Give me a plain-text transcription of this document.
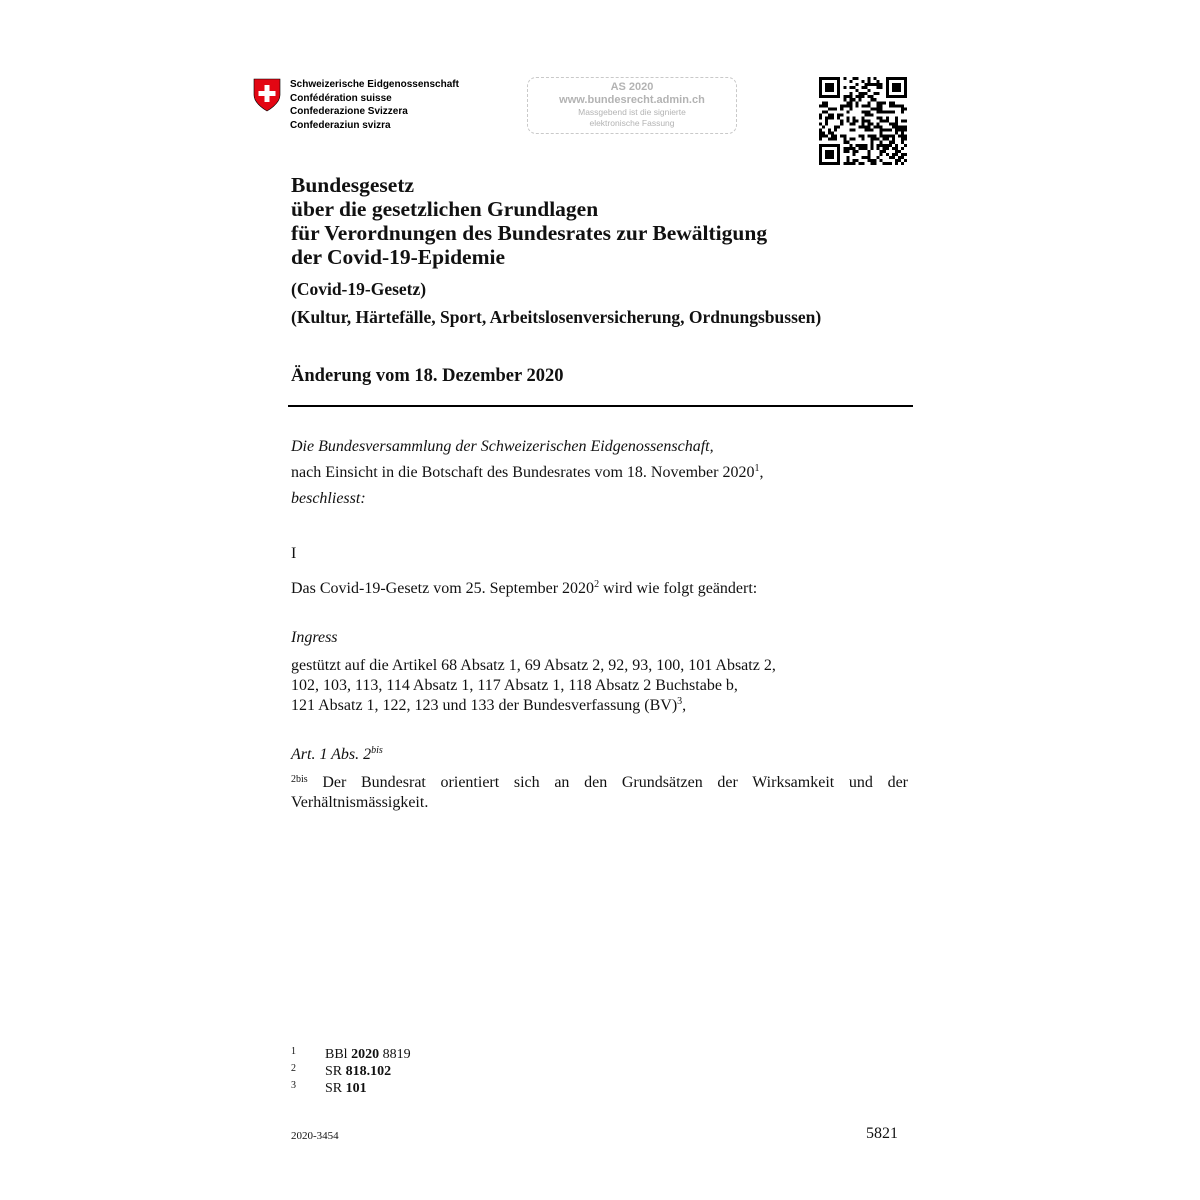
Schweizerische Eidgenossenschaft
Confédération suisse
Confederazione Svizzera
Confederaziun svizra
AS 2020
www.bundesrecht.admin.ch
Massgebend ist die signierte
elektronische Fassung
Bundesgesetz
über die gesetzlichen Grundlagen
für Verordnungen des Bundesrates zur Bewältigung
der Covid-19-Epidemie
(Covid-19-Gesetz)
(Kultur, Härtefälle, Sport, Arbeitslosenversicherung, Ordnungsbussen)
Änderung vom 18. Dezember 2020
Die Bundesversammlung der Schweizerischen Eidgenossenschaft,
nach Einsicht in die Botschaft des Bundesrates vom 18. November 2020$^1$,
beschliesst:
I
Das Covid-19-Gesetz vom 25. September 2020$^2$ wird wie folgt geändert:
Ingress
gestützt auf die Artikel 68 Absatz 1, 69 Absatz 2, 92, 93, 100, 101 Absatz 2,
102, 103, 113, 114 Absatz 1, 117 Absatz 1, 118 Absatz 2 Buchstabe b,
121 Absatz 1, 122, 123 und 133 der Bundesverfassung (BV)$^3$,
Art. 1 Abs. $2^{bis}$
$^{2bis}$ Der Bundesrat orientiert sich an den Grundsätzen der Wirksamkeit und der Verhältnismässigkeit.
1 BBl 2020 8819
2 SR 818.102
3 SR 101
2020-3454	5821
